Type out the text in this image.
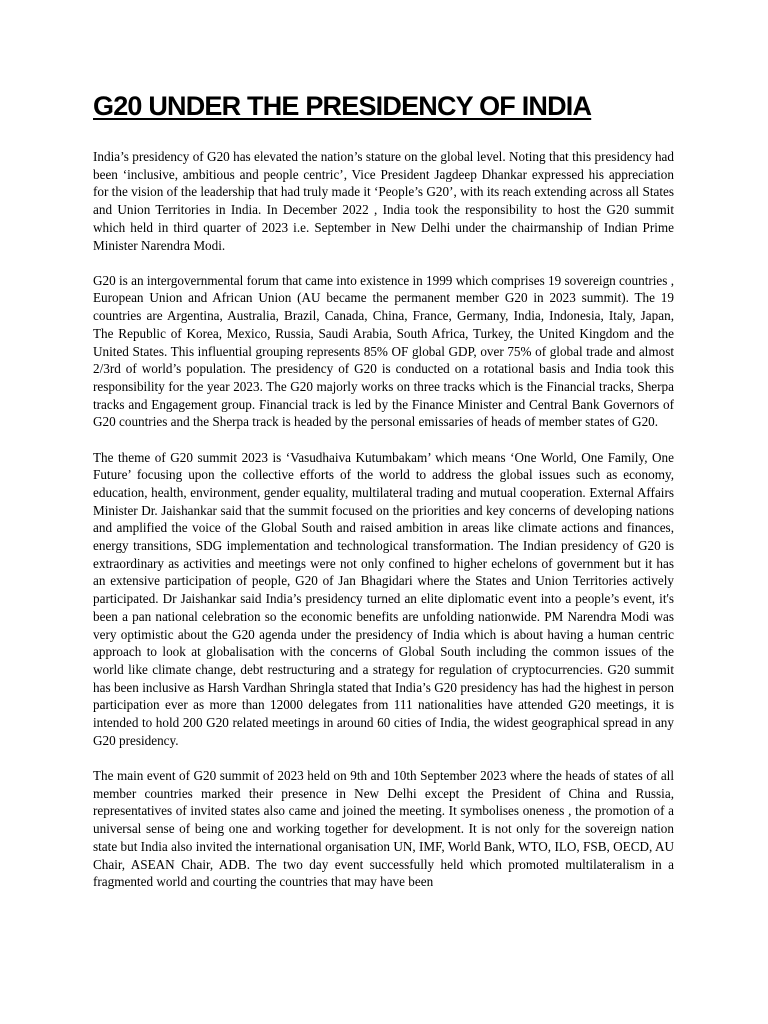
G20 UNDER THE PRESIDENCY OF INDIA

India’s presidency of G20 has elevated the nation’s stature on the global level. Noting that this presidency had been ‘inclusive, ambitious and people centric’, Vice President Jagdeep Dhankar expressed his appreciation for the vision of the leadership that had truly made it ‘People’s G20’, with its reach extending across all States and Union Territories in India. In December 2022 , India took the responsibility to host the G20 summit which held in third quarter of 2023 i.e. September in New Delhi under the chairmanship of Indian Prime Minister Narendra Modi.

G20 is an intergovernmental forum that came into existence in 1999 which comprises 19 sovereign countries , European Union and African Union (AU became the permanent member G20 in 2023 summit). The 19 countries are Argentina, Australia, Brazil, Canada, China, France, Germany, India, Indonesia, Italy, Japan, The Republic of Korea, Mexico, Russia, Saudi Arabia, South Africa, Turkey, the United Kingdom and the United States. This influential grouping represents 85% OF global GDP, over 75% of global trade and almost 2/3rd of world’s population. The presidency of G20 is conducted on a rotational basis and India took this responsibility for the year 2023. The G20 majorly works on three tracks which is the Financial tracks, Sherpa tracks and Engagement group. Financial track is led by the Finance Minister and Central Bank Governors of G20 countries and the Sherpa track is headed by the personal emissaries of heads of member states of G20.

The theme of G20 summit 2023 is ‘Vasudhaiva Kutumbakam’ which means ‘One World, One Family, One Future’ focusing upon the collective efforts of the world to address the global issues such as economy, education, health, environment, gender equality, multilateral trading and mutual cooperation. External Affairs Minister Dr. Jaishankar said that the summit focused on the priorities and key concerns of developing nations and amplified the voice of the Global South and raised ambition in areas like climate actions and finances, energy transitions, SDG implementation and technological transformation. The Indian presidency of G20 is extraordinary as activities and meetings were not only confined to higher echelons of government but it has an extensive participation of people, G20 of Jan Bhagidari where the States and Union Territories actively participated. Dr Jaishankar said India’s presidency turned an elite diplomatic event into a people’s event, it's been a pan national celebration so the economic benefits are unfolding nationwide. PM Narendra Modi was very optimistic about the G20 agenda under the presidency of India which is about having a human centric approach to look at globalisation with the concerns of Global South including the common issues of the world like climate change, debt restructuring and a strategy for regulation of cryptocurrencies. G20 summit has been inclusive as Harsh Vardhan Shringla stated that India’s G20 presidency has had the highest in person participation ever as more than 12000 delegates from 111 nationalities have attended G20 meetings, it is intended to hold 200 G20 related meetings in around 60 cities of India, the widest geographical spread in any G20 presidency.

The main event of G20 summit of 2023 held on 9th and 10th September 2023 where the heads of states of all member countries marked their presence in New Delhi except the President of China and Russia, representatives of invited states also came and joined the meeting. It symbolises oneness , the promotion of a universal sense of being one and working together for development. It is not only for the sovereign nation state but India also invited the international organisation UN, IMF, World Bank, WTO, ILO, FSB, OECD, AU Chair, ASEAN Chair, ADB. The two day event successfully held which promoted multilateralism in a fragmented world and courting the countries that may have been
